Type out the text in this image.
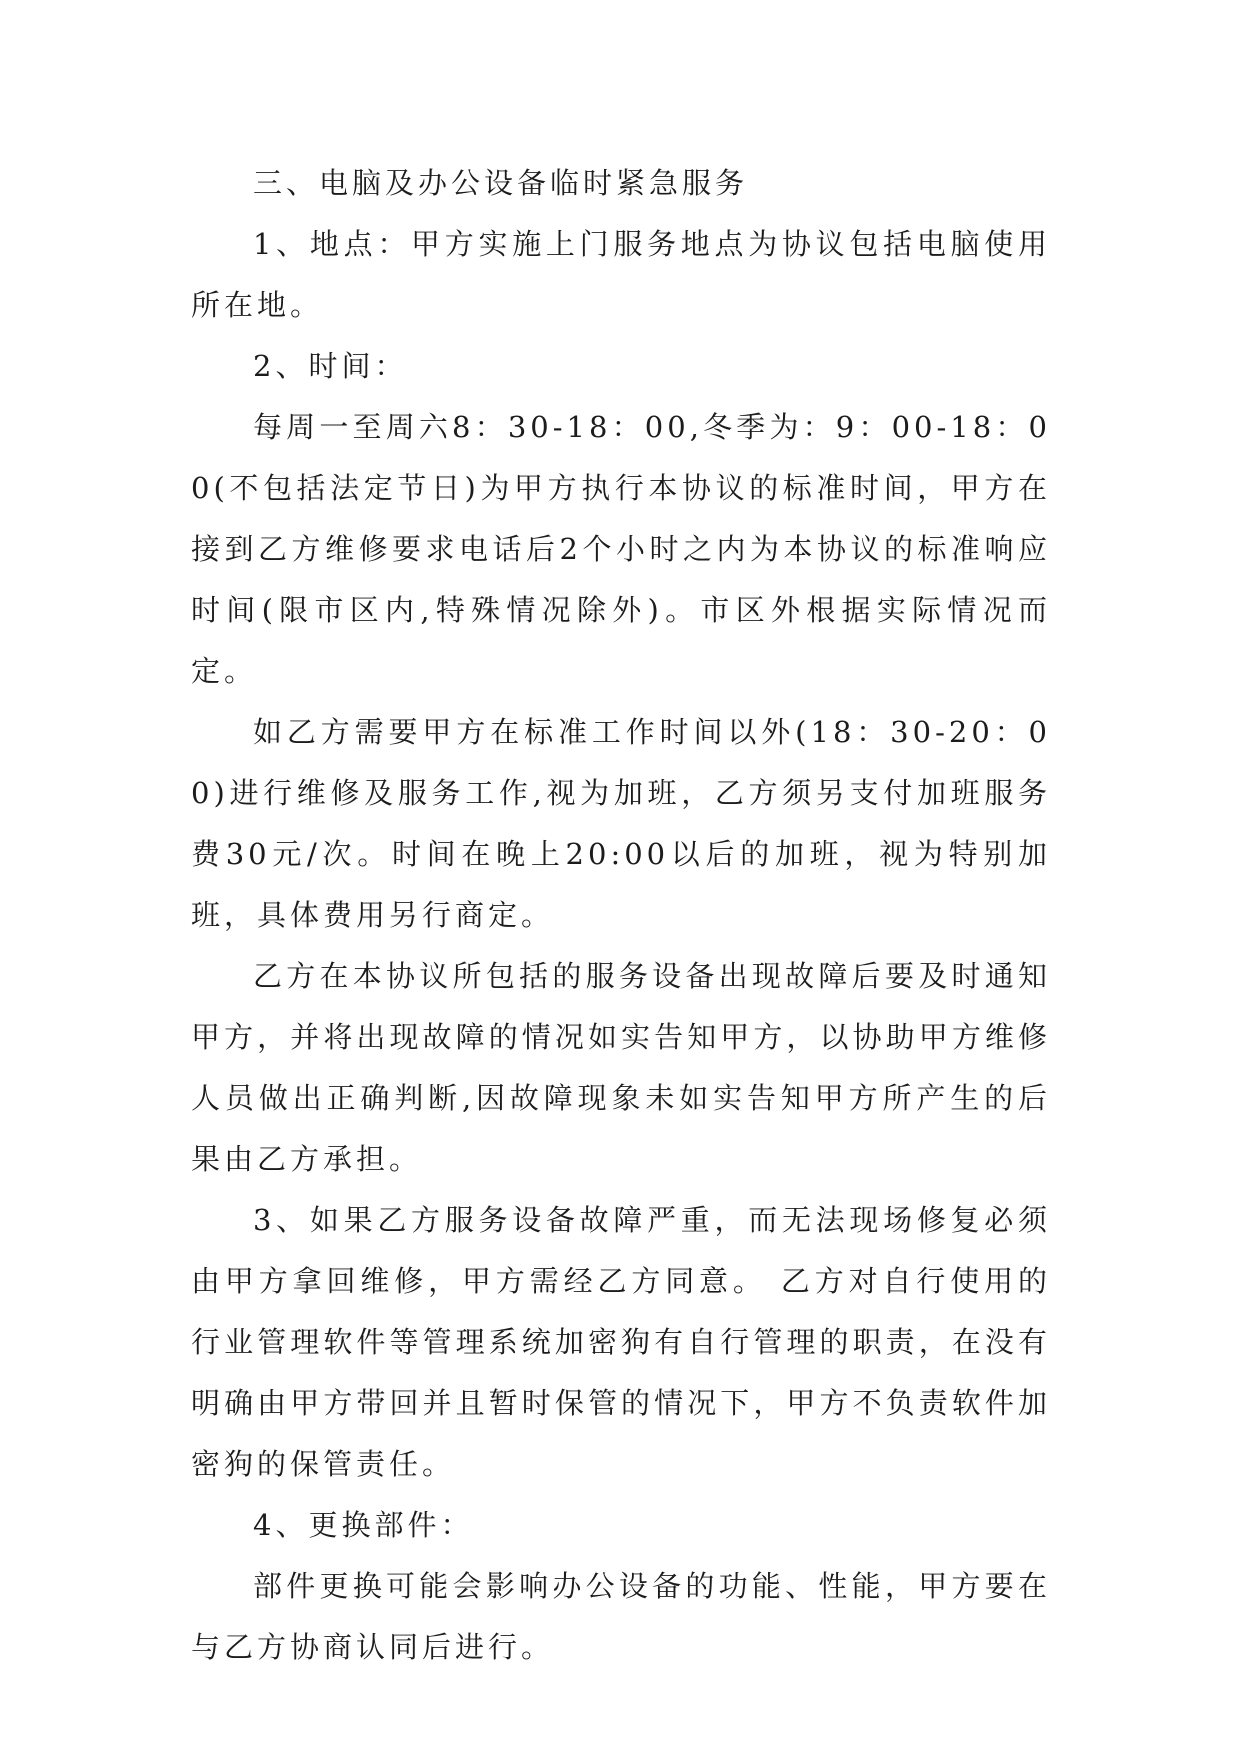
三、电脑及办公设备临时紧急服务

1、地点：甲方实施上门服务地点为协议包括电脑使用所在地。

2、时间：

每周一至周六8：30-18：00,冬季为：9：00-18：00(不包括法定节日)为甲方执行本协议的标准时间，甲方在接到乙方维修要求电话后2个小时之内为本协议的标准响应时间(限市区内,特殊情况除外)。市区外根据实际情况而定。

如乙方需要甲方在标准工作时间以外(18：30-20：00)进行维修及服务工作,视为加班，乙方须另支付加班服务费30元/次。时间在晚上20:00以后的加班，视为特别加班，具体费用另行商定。

乙方在本协议所包括的服务设备出现故障后要及时通知甲方，并将出现故障的情况如实告知甲方，以协助甲方维修人员做出正确判断,因故障现象未如实告知甲方所产生的后果由乙方承担。

3、如果乙方服务设备故障严重，而无法现场修复必须由甲方拿回维修，甲方需经乙方同意。 乙方对自行使用的行业管理软件等管理系统加密狗有自行管理的职责，在没有明确由甲方带回并且暂时保管的情况下，甲方不负责软件加密狗的保管责任。

4、更换部件：

部件更换可能会影响办公设备的功能、性能，甲方要在与乙方协商认同后进行。
